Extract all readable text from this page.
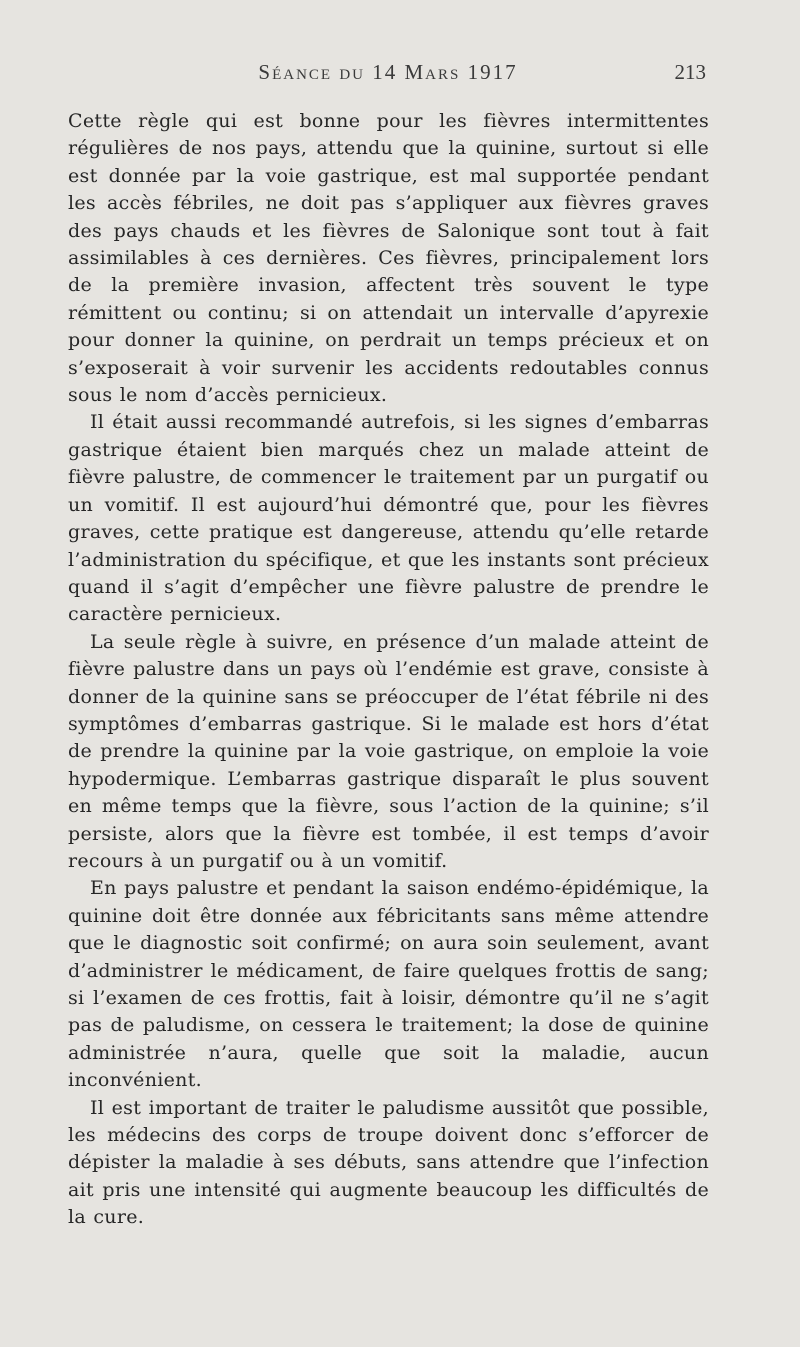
Séance du 14 Mars 1917	213

Cette règle qui est bonne pour les fièvres intermittentes régulières de nos pays, attendu que la quinine, surtout si elle est donnée par la voie gastrique, est mal supportée pendant les accès fébriles, ne doit pas s’appliquer aux fièvres graves des pays chauds et les fièvres de Salonique sont tout à fait assimilables à ces dernières. Ces fièvres, principalement lors de la première invasion, affectent très souvent le type rémittent ou continu; si on attendait un intervalle d’apyrexie pour donner la quinine, on perdrait un temps précieux et on s’exposerait à voir survenir les accidents redoutables connus sous le nom d’accès pernicieux.

Il était aussi recommandé autrefois, si les signes d’embarras gastrique étaient bien marqués chez un malade atteint de fièvre palustre, de commencer le traitement par un purgatif ou un vomitif. Il est aujourd’hui démontré que, pour les fièvres graves, cette pratique est dangereuse, attendu qu’elle retarde l’administration du spécifique, et que les instants sont précieux quand il s’agit d’empêcher une fièvre palustre de prendre le caractère pernicieux.

La seule règle à suivre, en présence d’un malade atteint de fièvre palustre dans un pays où l’endémie est grave, consiste à donner de la quinine sans se préoccuper de l’état fébrile ni des symptômes d’embarras gastrique. Si le malade est hors d’état de prendre la quinine par la voie gastrique, on emploie la voie hypodermique. L’embarras gastrique disparaît le plus souvent en même temps que la fièvre, sous l’action de la quinine; s’il persiste, alors que la fièvre est tombée, il est temps d’avoir recours à un purgatif ou à un vomitif.

En pays palustre et pendant la saison endémo-épidémique, la quinine doit être donnée aux fébricitants sans même attendre que le diagnostic soit confirmé; on aura soin seulement, avant d’administrer le médicament, de faire quelques frottis de sang; si l’examen de ces frottis, fait à loisir, démontre qu’il ne s’agit pas de paludisme, on cessera le traitement; la dose de quinine administrée n’aura, quelle que soit la maladie, aucun inconvénient.

Il est important de traiter le paludisme aussitôt que possible, les médecins des corps de troupe doivent donc s’efforcer de dépister la maladie à ses débuts, sans attendre que l’infection ait pris une intensité qui augmente beaucoup les difficultés de la cure.
